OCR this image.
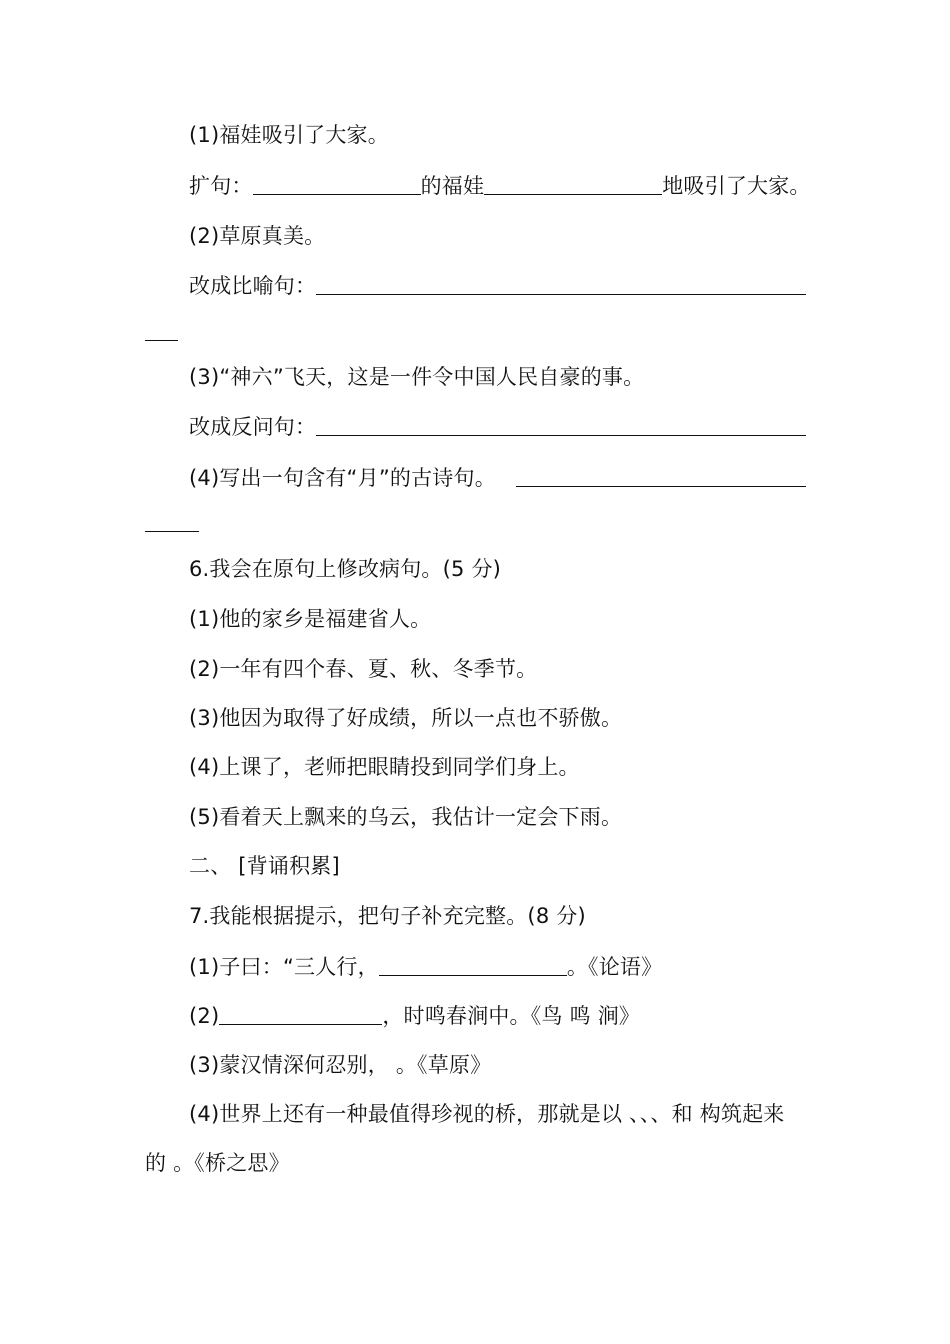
(1)福娃吸引了大家。
扩句：	的福娃	地吸引了大家。
(2)草原真美。
改成比喻句：
(3)“神六”飞天，这是一件令中国人民自豪的事。
改成反问句：
(4)写出一句含有“月”的古诗句。
6.我会在原句上修改病句。(5 分)
(1)他的家乡是福建省人。
(2)一年有四个春、夏、秋、冬季节。
(3)他因为取得了好成绩，所以一点也不骄傲。
(4)上课了，老师把眼睛投到同学们身上。
(5)看着天上飘来的乌云，我估计一定会下雨。
二、 [背诵积累]
7.我能根据提示，把句子补充完整。(8 分)
(1)子曰：“三人行，	。《论语》
(2)	，时鸣春涧中。《鸟 鸣 涧》
(3)蒙汉情深何忍别， 。《草原》
(4)世界上还有一种最值得珍视的桥，那就是以 、、、和 构筑起来
的 。《桥之思》
